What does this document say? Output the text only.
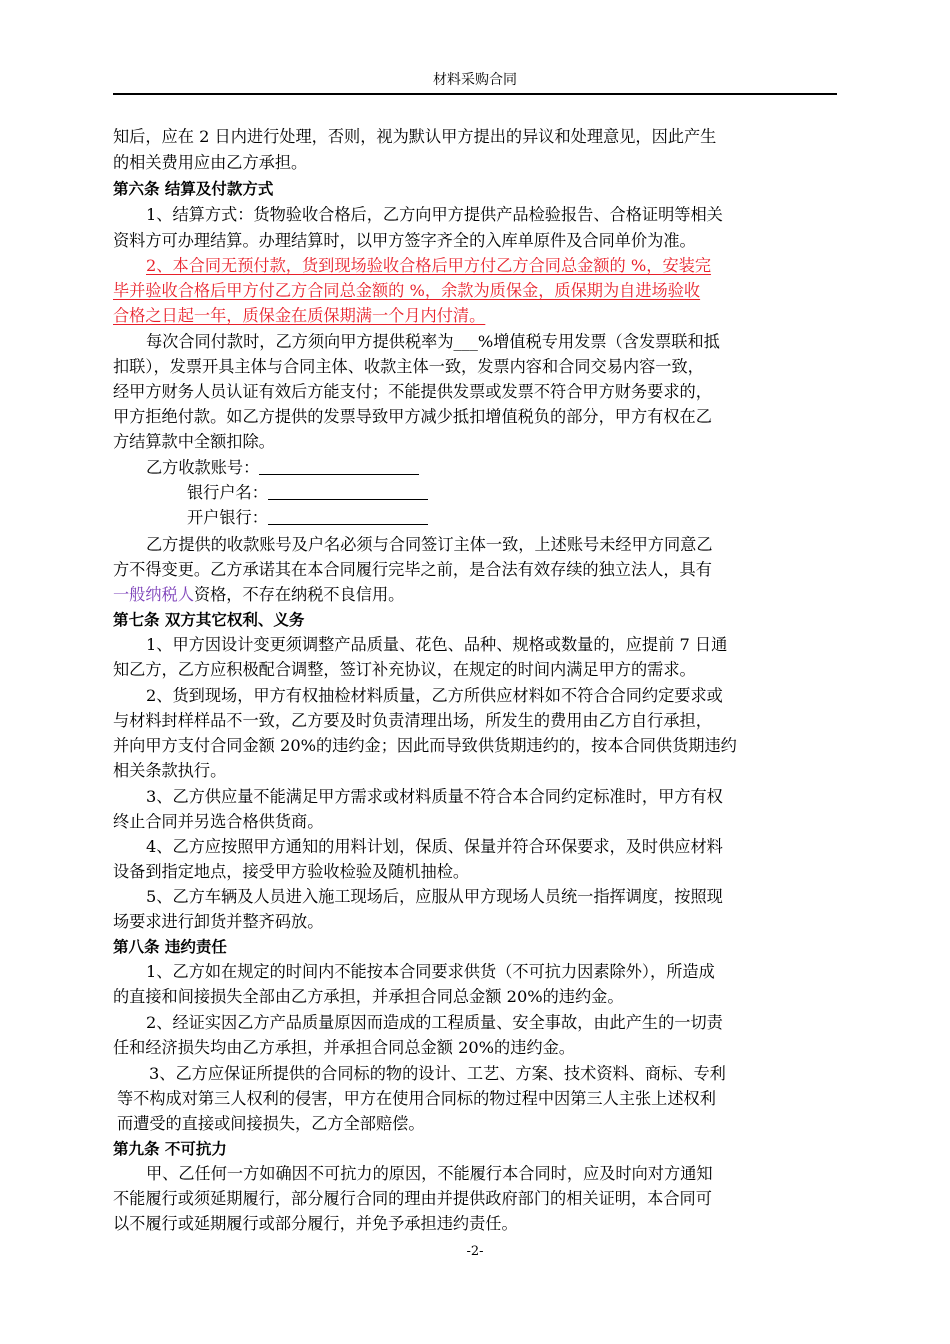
材料采购合同
知后，应在 2 日内进行处理，否则，视为默认甲方提出的异议和处理意见，因此产生
的相关费用应由乙方承担。
第六条 结算及付款方式
1、结算方式：货物验收合格后，乙方向甲方提供产品检验报告、合格证明等相关
资料方可办理结算。办理结算时，以甲方签字齐全的入库单原件及合同单价为准。
2、本合同无预付款，货到现场验收合格后甲方付乙方合同总金额的 %，安装完
毕并验收合格后甲方付乙方合同总金额的 %，余款为质保金，质保期为自进场验收
合格之日起一年，质保金在质保期满一个月内付清。
每次合同付款时，乙方须向甲方提供税率为___%增值税专用发票（含发票联和抵
扣联），发票开具主体与合同主体、收款主体一致，发票内容和合同交易内容一致，
经甲方财务人员认证有效后方能支付；不能提供发票或发票不符合甲方财务要求的，
甲方拒绝付款。如乙方提供的发票导致甲方减少抵扣增值税负的部分，甲方有权在乙
方结算款中全额扣除。
乙方收款账号：
银行户名：
开户银行：
乙方提供的收款账号及户名必须与合同签订主体一致，上述账号未经甲方同意乙
方不得变更。乙方承诺其在本合同履行完毕之前，是合法有效存续的独立法人，具有
一般纳税人资格，不存在纳税不良信用。
第七条 双方其它权利、义务
1、甲方因设计变更须调整产品质量、花色、品种、规格或数量的，应提前 7 日通
知乙方，乙方应积极配合调整，签订补充协议，在规定的时间内满足甲方的需求。
2、货到现场，甲方有权抽检材料质量，乙方所供应材料如不符合合同约定要求或
与材料封样样品不一致，乙方要及时负责清理出场，所发生的费用由乙方自行承担，
并向甲方支付合同金额 20%的违约金；因此而导致供货期违约的，按本合同供货期违约
相关条款执行。
3、乙方供应量不能满足甲方需求或材料质量不符合本合同约定标准时，甲方有权
终止合同并另选合格供货商。
4、乙方应按照甲方通知的用料计划，保质、保量并符合环保要求，及时供应材料
设备到指定地点，接受甲方验收检验及随机抽检。
5、乙方车辆及人员进入施工现场后，应服从甲方现场人员统一指挥调度，按照现
场要求进行卸货并整齐码放。
第八条 违约责任
1、乙方如在规定的时间内不能按本合同要求供货（不可抗力因素除外），所造成
的直接和间接损失全部由乙方承担，并承担合同总金额 20%的违约金。
2、经证实因乙方产品质量原因而造成的工程质量、安全事故，由此产生的一切责
任和经济损失均由乙方承担，并承担合同总金额 20%的违约金。
3、乙方应保证所提供的合同标的物的设计、工艺、方案、技术资料、商标、专利
等不构成对第三人权利的侵害，甲方在使用合同标的物过程中因第三人主张上述权利
而遭受的直接或间接损失，乙方全部赔偿。
第九条 不可抗力
甲、乙任何一方如确因不可抗力的原因，不能履行本合同时，应及时向对方通知
不能履行或须延期履行，部分履行合同的理由并提供政府部门的相关证明，本合同可
以不履行或延期履行或部分履行，并免予承担违约责任。
-2-
